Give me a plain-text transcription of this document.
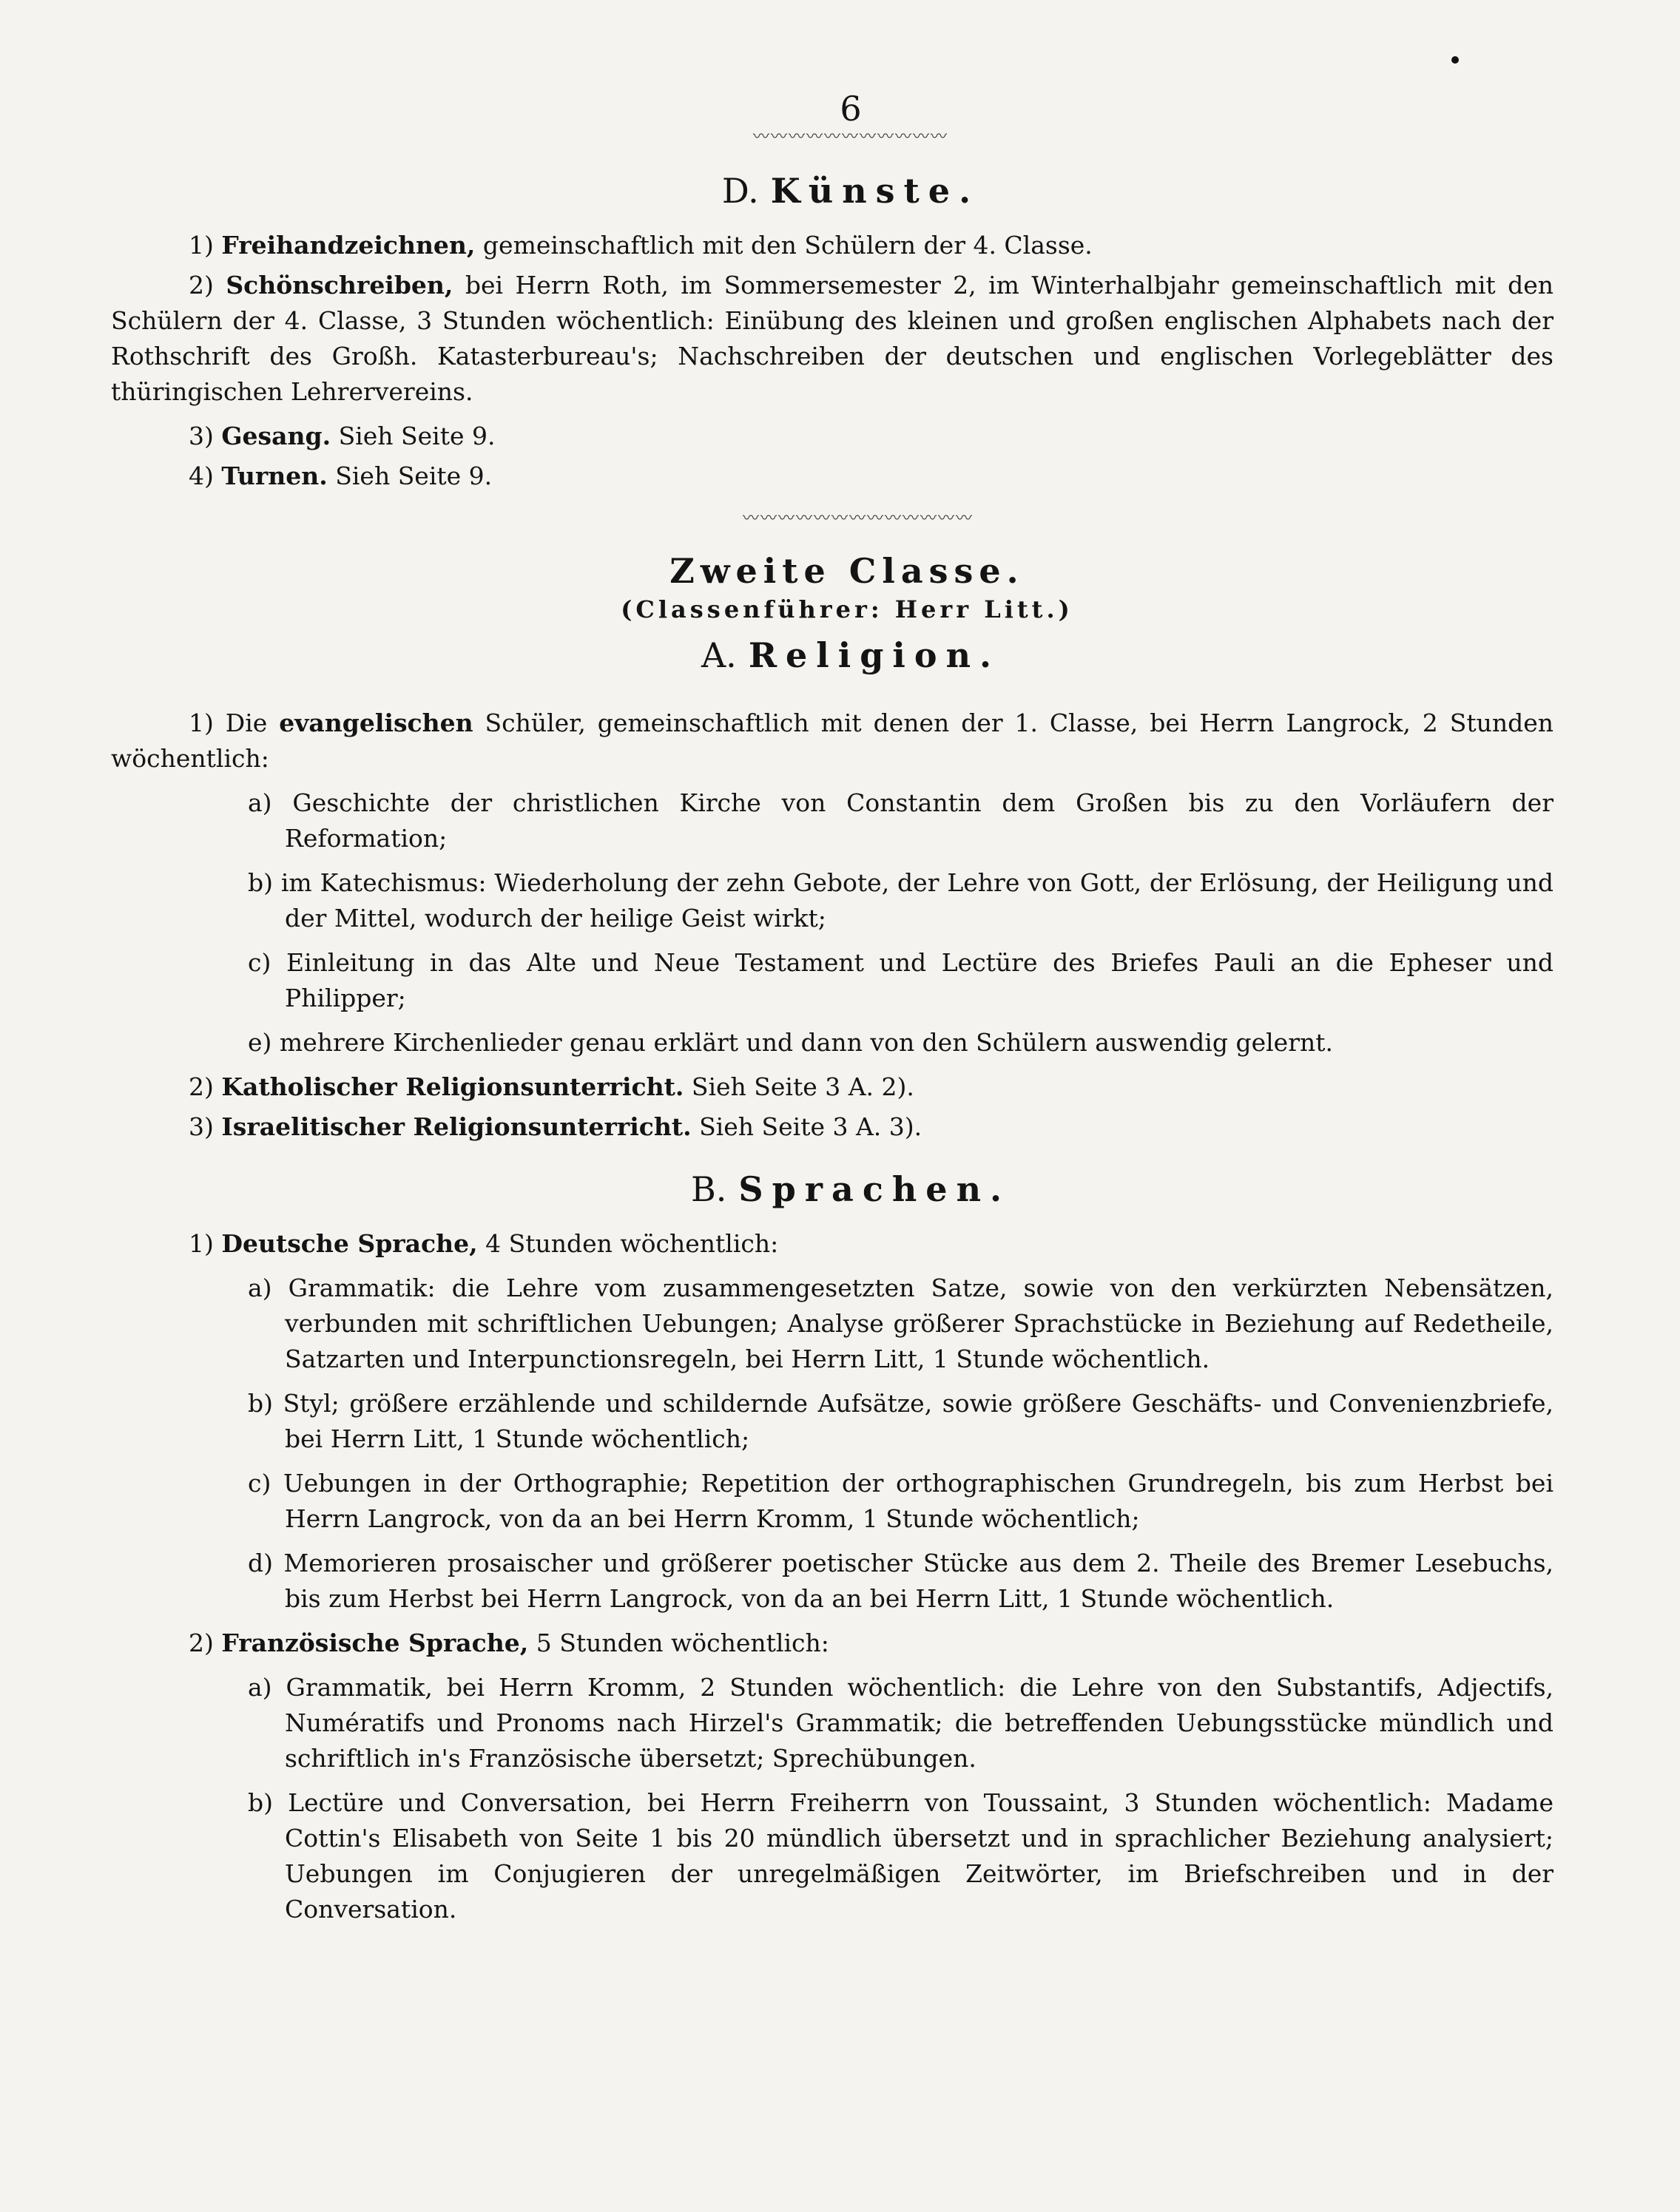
6
〰〰〰〰〰〰〰〰〰〰〰
D. Künste.

1) Freihandzeichnen, gemeinschaftlich mit den Schülern der 4. Classe.

2) Schönschreiben, bei Herrn Roth, im Sommersemester 2, im Winterhalbjahr gemeinschaftlich mit den Schülern der 4. Classe, 3 Stunden wöchentlich: Einübung des kleinen und großen englischen Alphabets nach der Rothschrift des Großh. Katasterbureau's; Nachschreiben der deutschen und englischen Vorlegeblätter des thüringischen Lehrervereins.

3) Gesang. Sieh Seite 9.

4) Turnen. Sieh Seite 9.

〰〰〰〰〰〰〰〰〰〰〰〰〰
Zweite Classe.
(Classenführer: Herr Litt.)
A. Religion.

1) Die evangelischen Schüler, gemeinschaftlich mit denen der 1. Classe, bei Herrn Langrock, 2 Stunden wöchentlich:

a) Geschichte der christlichen Kirche von Constantin dem Großen bis zu den Vorläufern der Reformation;

b) im Katechismus: Wiederholung der zehn Gebote, der Lehre von Gott, der Erlösung, der Heiligung und der Mittel, wodurch der heilige Geist wirkt;

c) Einleitung in das Alte und Neue Testament und Lectüre des Briefes Pauli an die Epheser und Philipper;

e) mehrere Kirchenlieder genau erklärt und dann von den Schülern auswendig gelernt.

2) Katholischer Religionsunterricht. Sieh Seite 3 A. 2).

3) Israelitischer Religionsunterricht. Sieh Seite 3 A. 3).

B. Sprachen.

1) Deutsche Sprache, 4 Stunden wöchentlich:

a) Grammatik: die Lehre vom zusammengesetzten Satze, sowie von den verkürzten Nebensätzen, verbunden mit schriftlichen Uebungen; Analyse größerer Sprachstücke in Beziehung auf Redetheile, Satzarten und Interpunctionsregeln, bei Herrn Litt, 1 Stunde wöchentlich.

b) Styl; größere erzählende und schildernde Aufsätze, sowie größere Geschäfts- und Convenienzbriefe, bei Herrn Litt, 1 Stunde wöchentlich;

c) Uebungen in der Orthographie; Repetition der orthographischen Grundregeln, bis zum Herbst bei Herrn Langrock, von da an bei Herrn Kromm, 1 Stunde wöchentlich;

d) Memorieren prosaischer und größerer poetischer Stücke aus dem 2. Theile des Bremer Lesebuchs, bis zum Herbst bei Herrn Langrock, von da an bei Herrn Litt, 1 Stunde wöchentlich.

2) Französische Sprache, 5 Stunden wöchentlich:

a) Grammatik, bei Herrn Kromm, 2 Stunden wöchentlich: die Lehre von den Substantifs, Adjectifs, Numératifs und Pronoms nach Hirzel's Grammatik; die betreffenden Uebungsstücke mündlich und schriftlich in's Französische übersetzt; Sprechübungen.

b) Lectüre und Conversation, bei Herrn Freiherrn von Toussaint, 3 Stunden wöchentlich: Madame Cottin's Elisabeth von Seite 1 bis 20 mündlich übersetzt und in sprachlicher Beziehung analysiert; Uebungen im Conjugieren der unregelmäßigen Zeitwörter, im Briefschreiben und in der Conversation.
